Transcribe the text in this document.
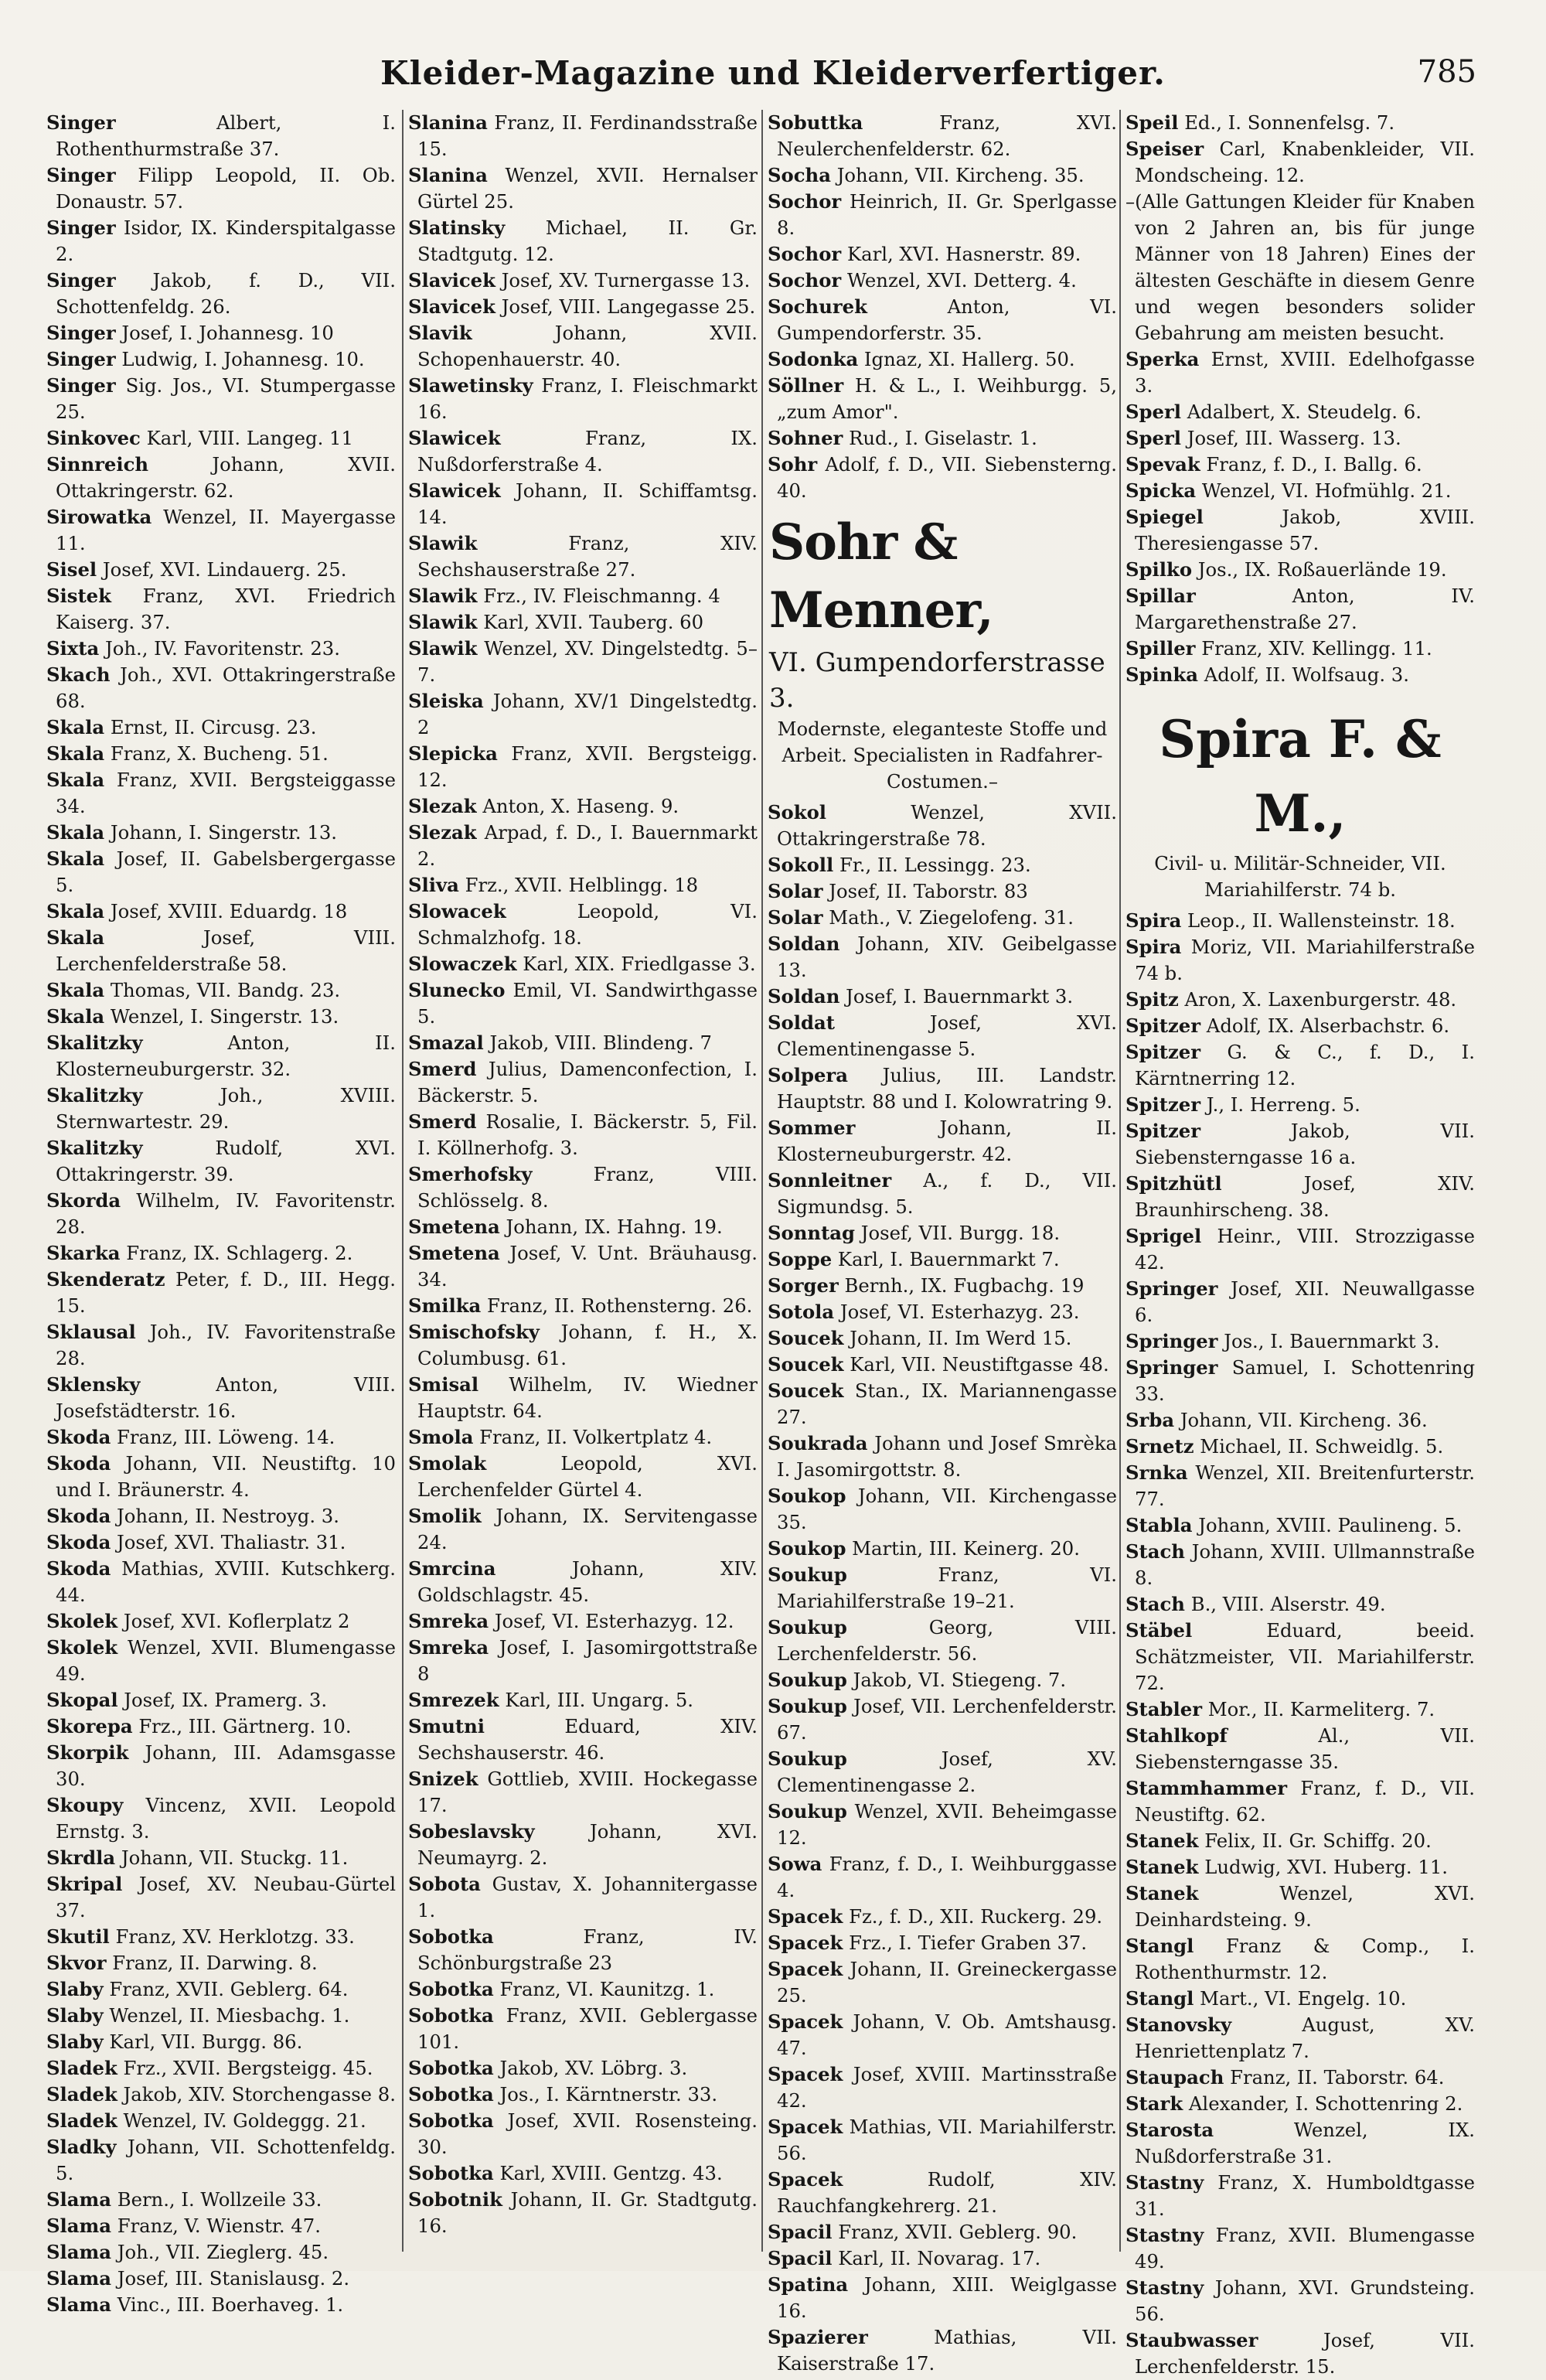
Kleider-Magazine und Kleiderverfertiger.	785
Singer Albert, I. Rothenthurmstraße 37.
Singer Filipp Leopold, II. Ob. Donaustr. 57.
Singer Isidor, IX. Kinderspitalgasse 2.
Singer Jakob, f. D., VII. Schottenfeldg. 26.
Singer Josef, I. Johannesg. 10
Singer Ludwig, I. Johannesg. 10.
Singer Sig. Jos., VI. Stumpergasse 25.
Sinkovec Karl, VIII. Langeg. 11
Sinnreich Johann, XVII. Ottakringerstr. 62.
Sirowatka Wenzel, II. Mayergasse 11.
Sisel Josef, XVI. Lindauerg. 25.
Sistek Franz, XVI. Friedrich Kaiserg. 37.
Sixta Joh., IV. Favoritenstr. 23.
Skach Joh., XVI. Ottakringerstraße 68.
Skala Ernst, II. Circusg. 23.
Skala Franz, X. Bucheng. 51.
Skala Franz, XVII. Bergsteiggasse 34.
Skala Johann, I. Singerstr. 13.
Skala Josef, II. Gabelsbergergasse 5.
Skala Josef, XVIII. Eduardg. 18
Skala Josef, VIII. Lerchenfelderstraße 58.
Skala Thomas, VII. Bandg. 23.
Skala Wenzel, I. Singerstr. 13.
Skalitzky Anton, II. Klosterneuburgerstr. 32.
Skalitzky Joh., XVIII. Sternwartestr. 29.
Skalitzky Rudolf, XVI. Ottakringerstr. 39.
Skorda Wilhelm, IV. Favoritenstr. 28.
Skarka Franz, IX. Schlagerg. 2.
Skenderatz Peter, f. D., III. Hegg. 15.
Sklausal Joh., IV. Favoritenstraße 28.
Sklensky Anton, VIII. Josefstädterstr. 16.
Skoda Franz, III. Löweng. 14.
Skoda Johann, VII. Neustiftg. 10 und I. Bräunerstr. 4.
Skoda Johann, II. Nestroyg. 3.
Skoda Josef, XVI. Thaliastr. 31.
Skoda Mathias, XVIII. Kutschkerg. 44.
Skolek Josef, XVI. Koflerplatz 2
Skolek Wenzel, XVII. Blumengasse 49.
Skopal Josef, IX. Pramerg. 3.
Skorepa Frz., III. Gärtnerg. 10.
Skorpik Johann, III. Adamsgasse 30.
Skoupy Vincenz, XVII. Leopold Ernstg. 3.
Skrdla Johann, VII. Stuckg. 11.
Skripal Josef, XV. Neubau-Gürtel 37.
Skutil Franz, XV. Herklotzg. 33.
Skvor Franz, II. Darwing. 8.
Slaby Franz, XVII. Geblerg. 64.
Slaby Wenzel, II. Miesbachg. 1.
Slaby Karl, VII. Burgg. 86.
Sladek Frz., XVII. Bergsteigg. 45.
Sladek Jakob, XIV. Storchengasse 8.
Sladek Wenzel, IV. Goldeggg. 21.
Sladky Johann, VII. Schottenfeldg. 5.
Slama Bern., I. Wollzeile 33.
Slama Franz, V. Wienstr. 47.
Slama Joh., VII. Zieglerg. 45.
Slama Josef, III. Stanislausg. 2.
Slama Vinc., III. Boerhaveg. 1.
Slanina Franz, II. Ferdinandsstraße 15.
Slanina Wenzel, XVII. Hernalser Gürtel 25.
Slatinsky Michael, II. Gr. Stadtgutg. 12.
Slavicek Josef, XV. Turnergasse 13.
Slavicek Josef, VIII. Langegasse 25.
Slavik Johann, XVII. Schopenhauerstr. 40.
Slawetinsky Franz, I. Fleischmarkt 16.
Slawicek Franz, IX. Nußdorferstraße 4.
Slawicek Johann, II. Schiffamtsg. 14.
Slawik Franz, XIV. Sechshauserstraße 27.
Slawik Frz., IV. Fleischmanng. 4
Slawik Karl, XVII. Tauberg. 60
Slawik Wenzel, XV. Dingelstedtg. 5–7.
Sleiska Johann, XV/1 Dingelstedtg. 2
Slepicka Franz, XVII. Bergsteigg. 12.
Slezak Anton, X. Haseng. 9.
Slezak Arpad, f. D., I. Bauernmarkt 2.
Sliva Frz., XVII. Helblingg. 18
Slowacek Leopold, VI. Schmalzhofg. 18.
Slowaczek Karl, XIX. Friedlgasse 3.
Slunecko Emil, VI. Sandwirthgasse 5.
Smazal Jakob, VIII. Blindeng. 7
Smerd Julius, Damenconfection, I. Bäckerstr. 5.
Smerd Rosalie, I. Bäckerstr. 5, Fil. I. Köllnerhofg. 3.
Smerhofsky Franz, VIII. Schlösselg. 8.
Smetena Johann, IX. Hahng. 19.
Smetena Josef, V. Unt. Bräuhausg. 34.
Smilka Franz, II. Rothensterng. 26.
Smischofsky Johann, f. H., X. Columbusg. 61.
Smisal Wilhelm, IV. Wiedner Hauptstr. 64.
Smola Franz, II. Volkertplatz 4.
Smolak Leopold, XVI. Lerchenfelder Gürtel 4.
Smolik Johann, IX. Servitengasse 24.
Smrcina Johann, XIV. Goldschlagstr. 45.
Smreka Josef, VI. Esterhazyg. 12.
Smreka Josef, I. Jasomirgottstraße 8
Smrezek Karl, III. Ungarg. 5.
Smutni Eduard, XIV. Sechshauserstr. 46.
Snizek Gottlieb, XVIII. Hockegasse 17.
Sobeslavsky Johann, XVI. Neumayrg. 2.
Sobota Gustav, X. Johannitergasse 1.
Sobotka Franz, IV. Schönburgstraße 23
Sobotka Franz, VI. Kaunitzg. 1.
Sobotka Franz, XVII. Geblergasse 101.
Sobotka Jakob, XV. Löbrg. 3.
Sobotka Jos., I. Kärntnerstr. 33.
Sobotka Josef, XVII. Rosensteing. 30.
Sobotka Karl, XVIII. Gentzg. 43.
Sobotnik Johann, II. Gr. Stadtgutg. 16.
Sobuttka Franz, XVI. Neulerchenfelderstr. 62.
Socha Johann, VII. Kircheng. 35.
Sochor Heinrich, II. Gr. Sperlgasse 8.
Sochor Karl, XVI. Hasnerstr. 89.
Sochor Wenzel, XVI. Detterg. 4.
Sochurek Anton, VI. Gumpendorferstr. 35.
Sodonka Ignaz, XI. Hallerg. 50.
Söllner H. & L., I. Weihburgg. 5, „zum Amor".
Sohner Rud., I. Giselastr. 1.
Sohr Adolf, f. D., VII. Siebensterng. 40.
Sohr & Menner,
VI. Gumpendorferstrasse 3.
Modernste, eleganteste Stoffe und Arbeit. Specialisten in Radfahrer-Costumen.–
Sokol Wenzel, XVII. Ottakringerstraße 78.
Sokoll Fr., II. Lessingg. 23.
Solar Josef, II. Taborstr. 83
Solar Math., V. Ziegelofeng. 31.
Soldan Johann, XIV. Geibelgasse 13.
Soldan Josef, I. Bauernmarkt 3.
Soldat Josef, XVI. Clementinengasse 5.
Solpera Julius, III. Landstr. Hauptstr. 88 und I. Kolowratring 9.
Sommer Johann, II. Klosterneuburgerstr. 42.
Sonnleitner A., f. D., VII. Sigmundsg. 5.
Sonntag Josef, VII. Burgg. 18.
Soppe Karl, I. Bauernmarkt 7.
Sorger Bernh., IX. Fugbachg. 19
Sotola Josef, VI. Esterhazyg. 23.
Soucek Johann, II. Im Werd 15.
Soucek Karl, VII. Neustiftgasse 48.
Soucek Stan., IX. Mariannengasse 27.
Soukrada Johann und Josef Smrèka I. Jasomirgottstr. 8.
Soukop Johann, VII. Kirchengasse 35.
Soukop Martin, III. Keinerg. 20.
Soukup Franz, VI. Mariahilferstraße 19–21.
Soukup Georg, VIII. Lerchenfelderstr. 56.
Soukup Jakob, VI. Stiegeng. 7.
Soukup Josef, VII. Lerchenfelderstr. 67.
Soukup Josef, XV. Clementinengasse 2.
Soukup Wenzel, XVII. Beheimgasse 12.
Sowa Franz, f. D., I. Weihburggasse 4.
Spacek Fz., f. D., XII. Ruckerg. 29.
Spacek Frz., I. Tiefer Graben 37.
Spacek Johann, II. Greineckergasse 25.
Spacek Johann, V. Ob. Amtshausg. 47.
Spacek Josef, XVIII. Martinsstraße 42.
Spacek Mathias, VII. Mariahilferstr. 56.
Spacek Rudolf, XIV. Rauchfangkehrerg. 21.
Spacil Franz, XVII. Geblerg. 90.
Spacil Karl, II. Novarag. 17.
Spatina Johann, XIII. Weiglgasse 16.
Spazierer Mathias, VII. Kaiserstraße 17.
Speil Ed., I. Sonnenfelsg. 7.
Speiser Carl, Knabenkleider, VII. Mondscheing. 12.
–(Alle Gattungen Kleider für Knaben von 2 Jahren an, bis für junge Männer von 18 Jahren) Eines der ältesten Geschäfte in diesem Genre und wegen besonders solider Gebahrung am meisten besucht.
Sperka Ernst, XVIII. Edelhofgasse 3.
Sperl Adalbert, X. Steudelg. 6.
Sperl Josef, III. Wasserg. 13.
Spevak Franz, f. D., I. Ballg. 6.
Spicka Wenzel, VI. Hofmühlg. 21.
Spiegel Jakob, XVIII. Theresiengasse 57.
Spilko Jos., IX. Roßauerlände 19.
Spillar Anton, IV. Margarethenstraße 27.
Spiller Franz, XIV. Kellingg. 11.
Spinka Adolf, II. Wolfsaug. 3.
Spira F. & M.,
Civil- u. Militär-Schneider, VII. Mariahilferstr. 74 b.
Spira Leop., II. Wallensteinstr. 18.
Spira Moriz, VII. Mariahilferstraße 74 b.
Spitz Aron, X. Laxenburgerstr. 48.
Spitzer Adolf, IX. Alserbachstr. 6.
Spitzer G. & C., f. D., I. Kärntnerring 12.
Spitzer J., I. Herreng. 5.
Spitzer Jakob, VII. Siebensterngasse 16 a.
Spitzhütl Josef, XIV. Braunhirscheng. 38.
Sprigel Heinr., VIII. Strozzigasse 42.
Springer Josef, XII. Neuwallgasse 6.
Springer Jos., I. Bauernmarkt 3.
Springer Samuel, I. Schottenring 33.
Srba Johann, VII. Kircheng. 36.
Srnetz Michael, II. Schweidlg. 5.
Srnka Wenzel, XII. Breitenfurterstr. 77.
Stabla Johann, XVIII. Paulineng. 5.
Stach Johann, XVIII. Ullmannstraße 8.
Stach B., VIII. Alserstr. 49.
Stäbel Eduard, beeid. Schätzmeister, VII. Mariahilferstr. 72.
Stabler Mor., II. Karmeliterg. 7.
Stahlkopf Al., VII. Siebensterngasse 35.
Stammhammer Franz, f. D., VII. Neustiftg. 62.
Stanek Felix, II. Gr. Schiffg. 20.
Stanek Ludwig, XVI. Huberg. 11.
Stanek Wenzel, XVI. Deinhardsteing. 9.
Stangl Franz & Comp., I. Rothenthurmstr. 12.
Stangl Mart., VI. Engelg. 10.
Stanovsky August, XV. Henriettenplatz 7.
Staupach Franz, II. Taborstr. 64.
Stark Alexander, I. Schottenring 2.
Starosta Wenzel, IX. Nußdorferstraße 31.
Stastny Franz, X. Humboldtgasse 31.
Stastny Franz, XVII. Blumengasse 49.
Stastny Johann, XVI. Grundsteing. 56.
Staubwasser Josef, VII. Lerchenfelderstr. 15.
